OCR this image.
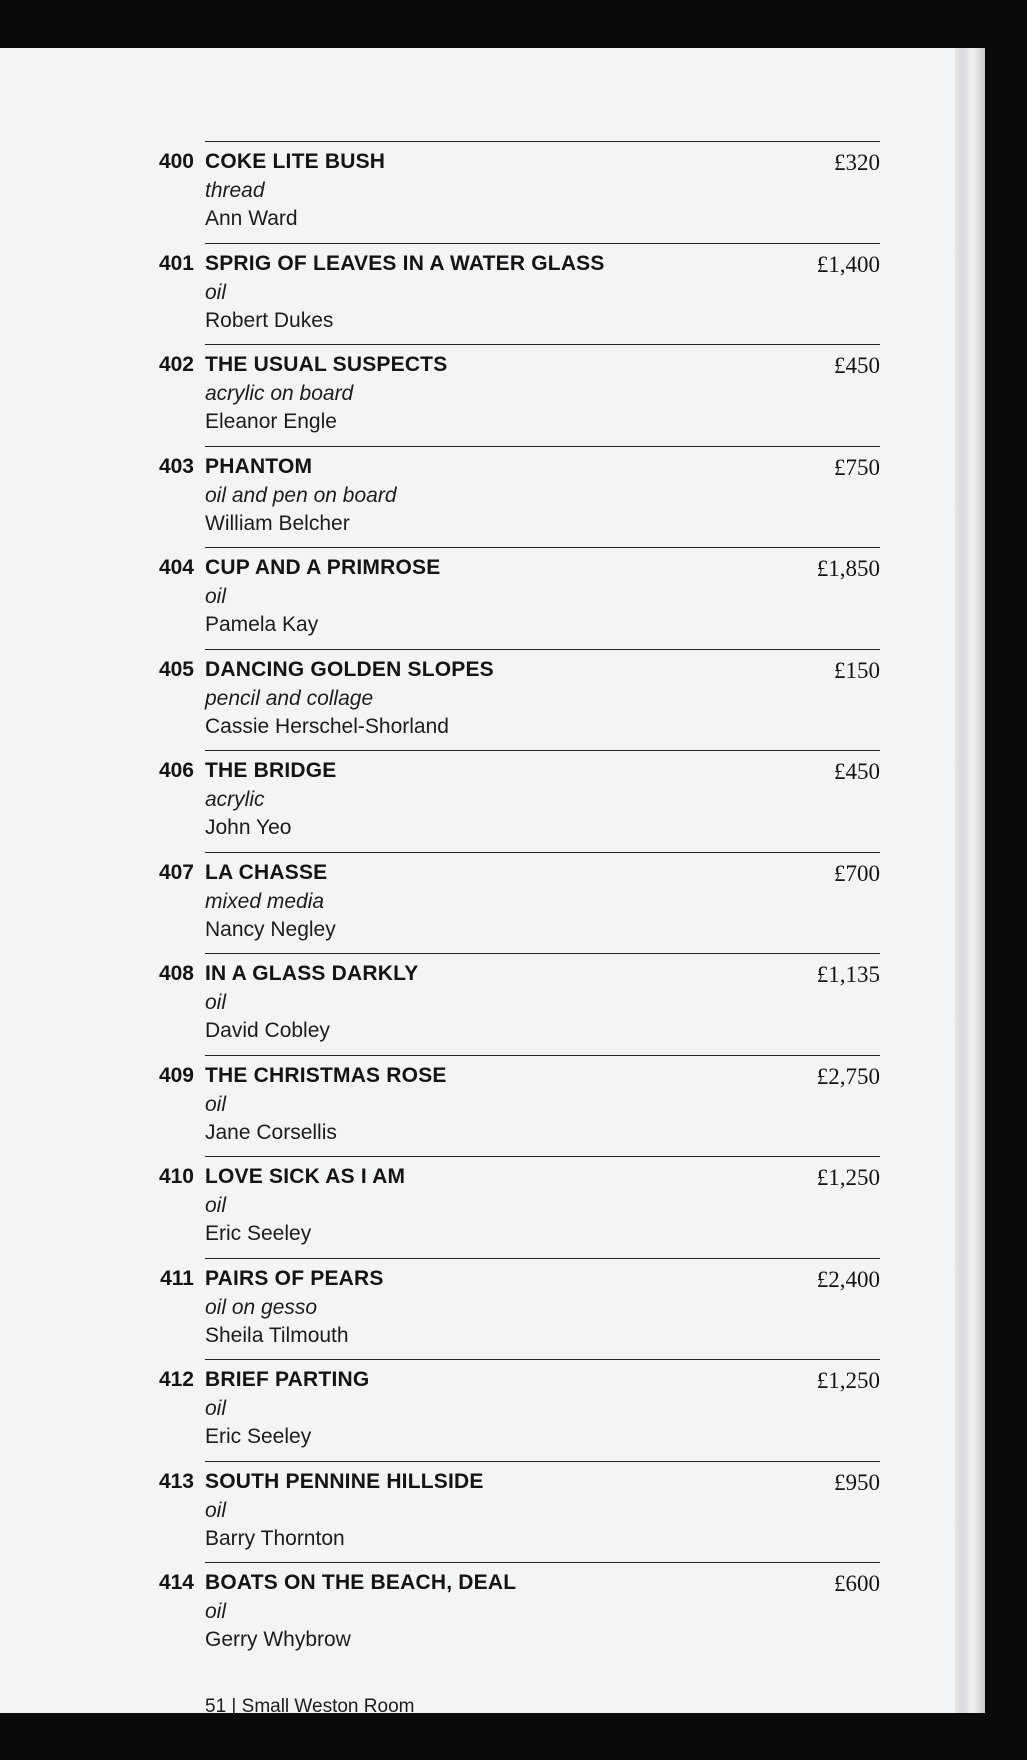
400 COKE LITE BUSH
thread
Ann Ward
£320
401 SPRIG OF LEAVES IN A WATER GLASS
oil
Robert Dukes
£1,400
402 THE USUAL SUSPECTS
acrylic on board
Eleanor Engle
£450
403 PHANTOM
oil and pen on board
William Belcher
£750
404 CUP AND A PRIMROSE
oil
Pamela Kay
£1,850
405 DANCING GOLDEN SLOPES
pencil and collage
Cassie Herschel-Shorland
£150
406 THE BRIDGE
acrylic
John Yeo
£450
407 LA CHASSE
mixed media
Nancy Negley
£700
408 IN A GLASS DARKLY
oil
David Cobley
£1,135
409 THE CHRISTMAS ROSE
oil
Jane Corsellis
£2,750
410 LOVE SICK AS I AM
oil
Eric Seeley
£1,250
411 PAIRS OF PEARS
oil on gesso
Sheila Tilmouth
£2,400
412 BRIEF PARTING
oil
Eric Seeley
£1,250
413 SOUTH PENNINE HILLSIDE
oil
Barry Thornton
£950
414 BOATS ON THE BEACH, DEAL
oil
Gerry Whybrow
£600
51 | Small Weston Room
